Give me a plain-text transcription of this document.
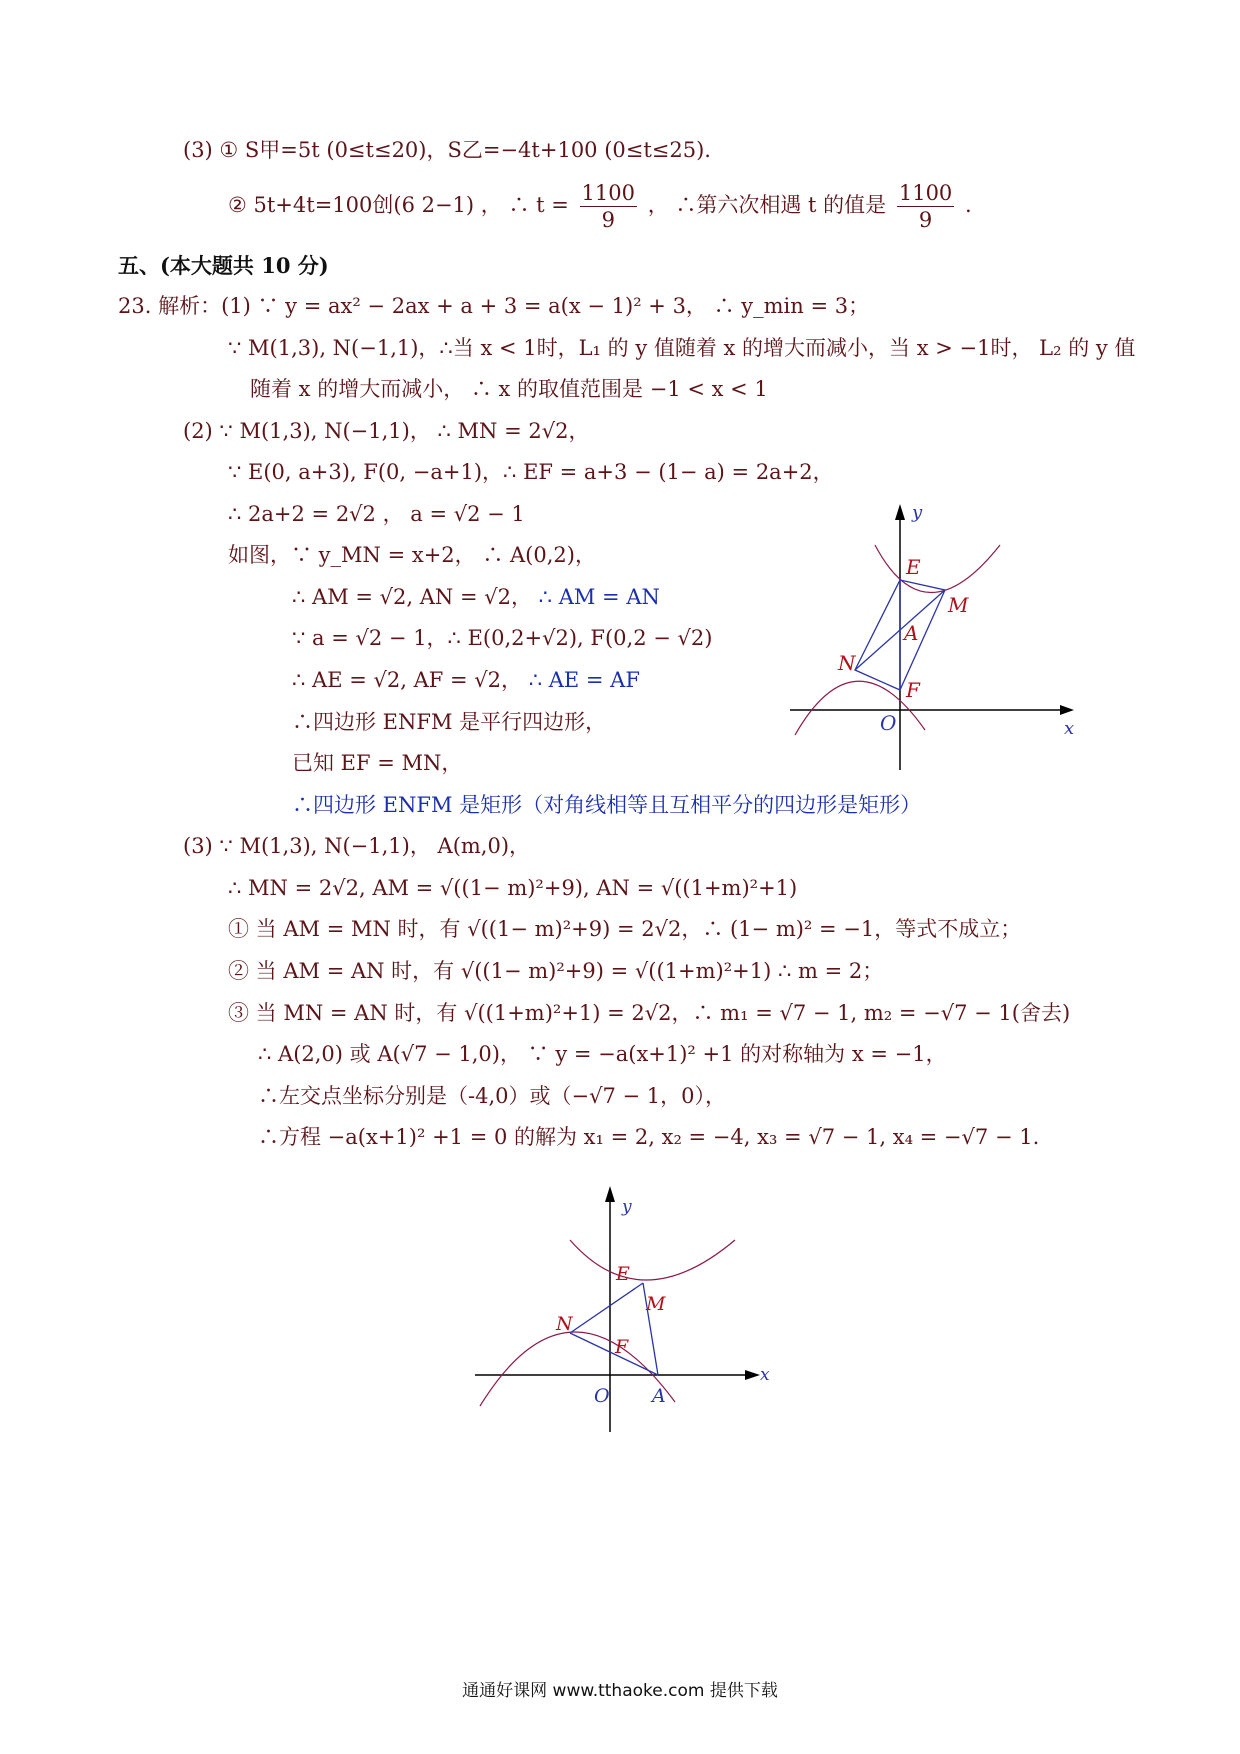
(3) ① S甲=5t (0≤t≤20)，S乙=−4t+100 (0≤t≤25).
② 5t+4t=100创(6 2−1) ， ∴ $t = \frac{1100}{9}$ ， ∴第六次相遇 t 的值是 $\frac{1100}{9}$ .
五、(本大题共 10 分)
23. 解析：(1) ∵ y = ax² − 2ax + a + 3 = a(x − 1)² + 3， ∴ y_min = 3；
∵ M(1,3), N(−1,1)，∴当 x < 1时，L₁ 的 y 值随着 x 的增大而减小，当 x > −1时， L₂ 的 y 值
随着 x 的增大而减小， ∴ x 的取值范围是 −1 < x < 1
(2) ∵ M(1,3), N(−1,1)， ∴ MN = 2√2，
∵ E(0, a+3), F(0, −a+1)，∴ EF = a+3 − (1− a) = 2a+2，
∴ 2a+2 = 2√2 ， a = √2 − 1
如图，∵ y_MN = x+2， ∴ A(0,2)，
∴ AM = √2, AN = √2， ∴ AM = AN
∵ a = √2 − 1，∴ E(0,2+√2), F(0,2 − √2)
∴ AE = √2, AF = √2， ∴ AE = AF
∴四边形 ENFM 是平行四边形，
已知 EF = MN，
∴四边形 ENFM 是矩形（对角线相等且互相平分的四边形是矩形）
(3) ∵ M(1,3), N(−1,1)， A(m,0)，
∴ MN = 2√2, AM = √((1− m)²+9), AN = √((1+m)²+1)
① 当 AM = MN 时，有 √((1− m)²+9) = 2√2，∴ (1− m)² = −1，等式不成立；
② 当 AM = AN 时，有 √((1− m)²+9) = √((1+m)²+1) ∴ m = 2；
③ 当 MN = AN 时，有 √((1+m)²+1) = 2√2，∴ m₁ = √7 − 1, m₂ = −√7 − 1(舍去)
∴ A(2,0) 或 A(√7 − 1,0)， ∵ y = −a(x+1)² +1 的对称轴为 x = −1，
∴左交点坐标分别是（-4,0）或（−√7 − 1，0），
∴方程 −a(x+1)² +1 = 0 的解为 x₁ = 2, x₂ = −4, x₃ = √7 − 1, x₄ = −√7 − 1.
y
x
O
E
M
A
N
F
y
x
O
E
M
N
F
A
通通好课网 www.tthaoke.com 提供下载
